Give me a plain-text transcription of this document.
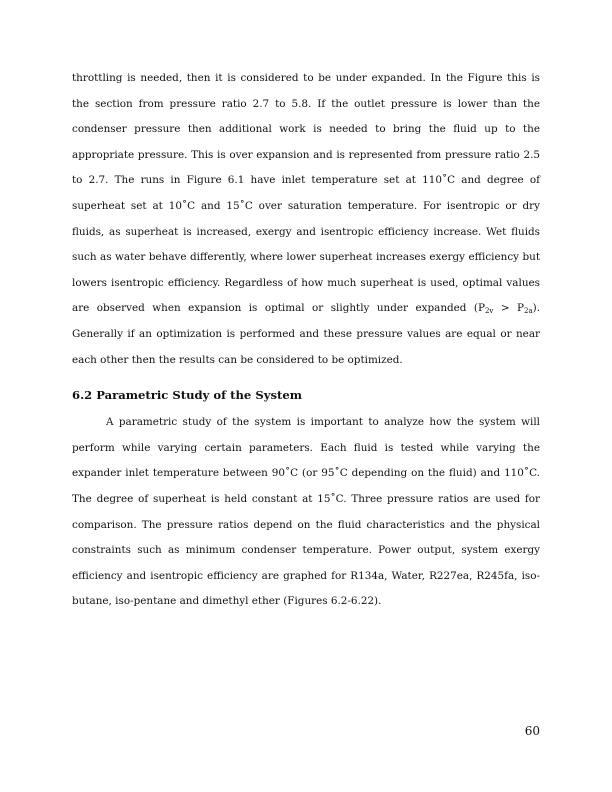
throttling is needed, then it is considered to be under expanded. In the Figure this is the section from pressure ratio 2.7 to 5.8. If the outlet pressure is lower than the condenser pressure then additional work is needed to bring the fluid up to the appropriate pressure. This is over expansion and is represented from pressure ratio 2.5 to 2.7. The runs in Figure 6.1 have inlet temperature set at 110˚C and degree of superheat set at 10˚C and 15˚C over saturation temperature. For isentropic or dry fluids, as superheat is increased, exergy and isentropic efficiency increase. Wet fluids such as water behave differently, where lower superheat increases exergy efficiency but lowers isentropic efficiency. Regardless of how much superheat is used, optimal values are observed when expansion is optimal or slightly under expanded $(P_{2v} > P_{2a})$. Generally if an optimization is performed and these pressure values are equal or near each other then the results can be considered to be optimized.

6.2 Parametric Study of the System

A parametric study of the system is important to analyze how the system will perform while varying certain parameters. Each fluid is tested while varying the expander inlet temperature between 90˚C (or 95˚C depending on the fluid) and 110˚C. The degree of superheat is held constant at 15˚C. Three pressure ratios are used for comparison. The pressure ratios depend on the fluid characteristics and the physical constraints such as minimum condenser temperature. Power output, system exergy efficiency and isentropic efficiency are graphed for R134a, Water, R227ea, R245fa, iso-butane, iso-pentane and dimethyl ether (Figures 6.2-6.22).

60
